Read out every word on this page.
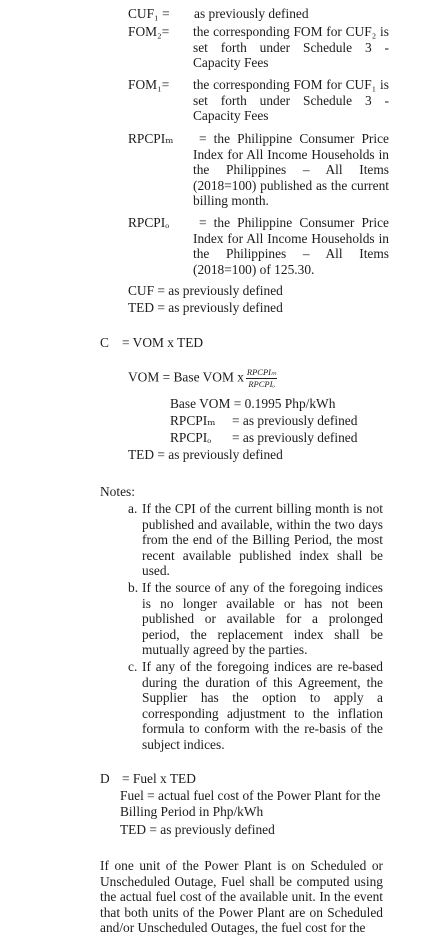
CUF₁ = as previously defined
FOM₂= the corresponding FOM for CUF₂ is set forth under Schedule 3 - Capacity Fees
FOM₁= the corresponding FOM for CUF₁ is set forth under Schedule 3 - Capacity Fees
RPCPIₘ	= the Philippine Consumer Price Index for All Income Households in the Philippines – All Items (2018=100) published as the current billing month.
RPCPIₒ	= the Philippine Consumer Price Index for All Income Households in the Philippines – All Items (2018=100) of 125.30.
CUF = as previously defined
TED = as previously defined
C = VOM x TED
VOM = Base VOM x $\frac{\text{RPCPIₘ}}{\text{RPCPIₒ}}$
Base VOM = 0.1995 Php/kWh
RPCPIₘ = as previously defined
RPCPIₒ = as previously defined
TED = as previously defined
Notes:
a. If the CPI of the current billing month is not published and available, within the two days from the end of the Billing Period, the most recent available published index shall be used.
b. If the source of any of the foregoing indices is no longer available or has not been published or available for a prolonged period, the replacement index shall be mutually agreed by the parties.
c. If any of the foregoing indices are re-based during the duration of this Agreement, the Supplier has the option to apply a corresponding adjustment to the inflation formula to conform with the re-basis of the subject indices.
D = Fuel x TED
Fuel = actual fuel cost of the Power Plant for the Billing Period in Php/kWh
TED = as previously defined
If one unit of the Power Plant is on Scheduled or Unscheduled Outage, Fuel shall be computed using the actual fuel cost of the available unit. In the event that both units of the Power Plant are on Scheduled and/or Unscheduled Outages, the fuel cost for the
